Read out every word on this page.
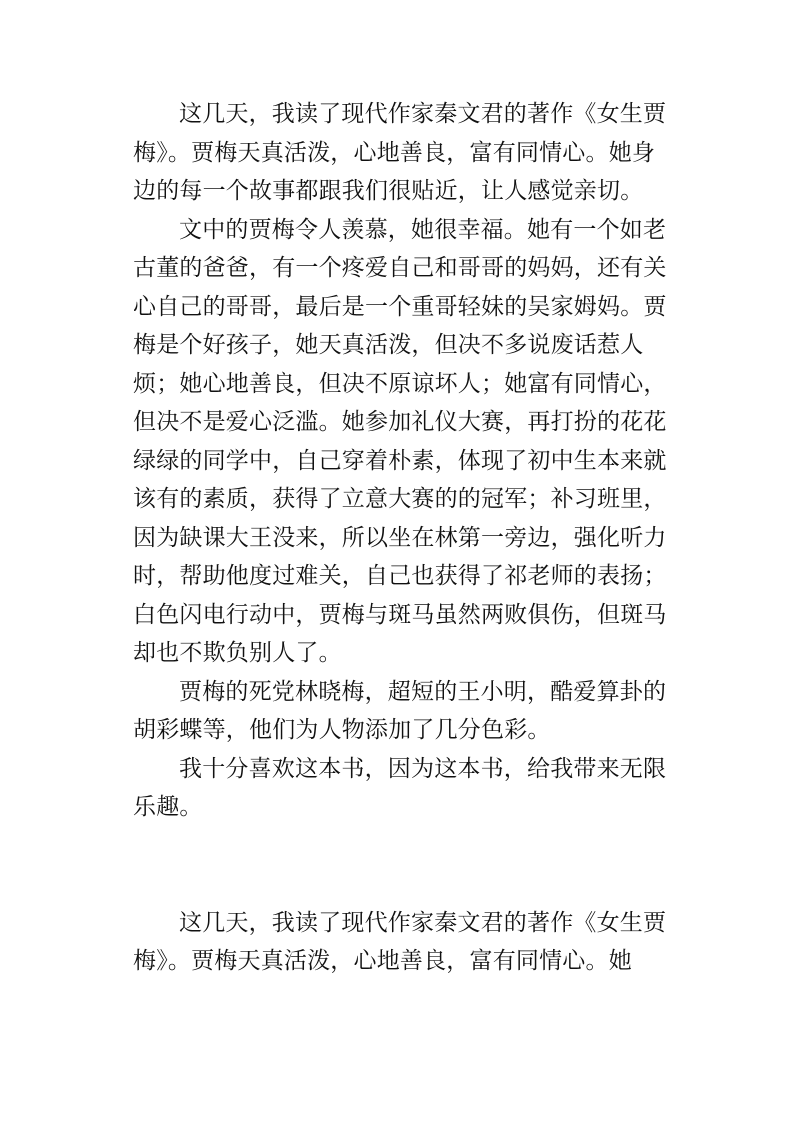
这几天，我读了现代作家秦文君的著作《女生贾梅》。贾梅天真活泼，心地善良，富有同情心。她身边的每一个故事都跟我们很贴近，让人感觉亲切。

文中的贾梅令人羡慕，她很幸福。她有一个如老古董的爸爸，有一个疼爱自己和哥哥的妈妈，还有关心自己的哥哥，最后是一个重哥轻妹的吴家姆妈。贾梅是个好孩子，她天真活泼，但决不多说废话惹人烦；她心地善良，但决不原谅坏人；她富有同情心，但决不是爱心泛滥。她参加礼仪大赛，再打扮的花花绿绿的同学中，自己穿着朴素，体现了初中生本来就该有的素质，获得了立意大赛的的冠军；补习班里，因为缺课大王没来，所以坐在林第一旁边，强化听力时，帮助他度过难关，自己也获得了祁老师的表扬；白色闪电行动中，贾梅与斑马虽然两败俱伤，但斑马却也不欺负别人了。

贾梅的死党林晓梅，超短的王小明，酷爱算卦的胡彩蝶等，他们为人物添加了几分色彩。

我十分喜欢这本书，因为这本书，给我带来无限乐趣。

这几天，我读了现代作家秦文君的著作《女生贾梅》。贾梅天真活泼，心地善良，富有同情心。她
